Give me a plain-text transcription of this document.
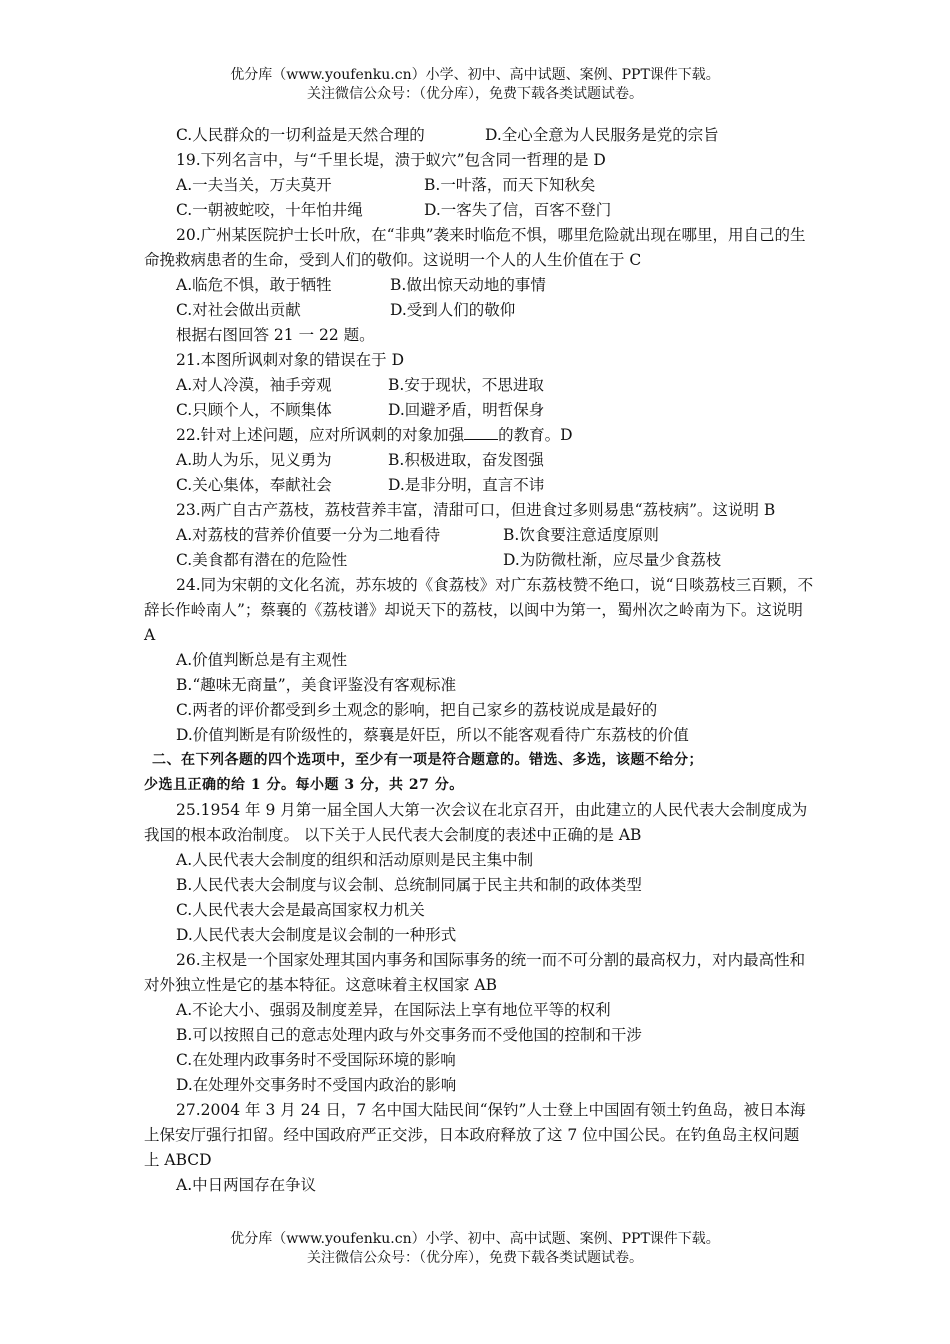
优分库（www.youfenku.cn）小学、初中、高中试题、案例、PPT课件下载。
关注微信公众号：（优分库），免费下载各类试题试卷。
C.人民群众的一切利益是天然合理的	D.全心全意为人民服务是党的宗旨

19.下列名言中，与“千里长堤，溃于蚁穴”包含同一哲理的是 D

A.一夫当关，万夫莫开	B.一叶落，而天下知秋矣
C.一朝被蛇咬，十年怕井绳	D.一客失了信，百客不登门

20.广州某医院护士长叶欣，在“非典”袭来时临危不惧，哪里危险就出现在哪里，用自己的生命挽救病患者的生命，受到人们的敬仰。这说明一个人的人生价值在于 C

A.临危不惧，敢于牺牲	B.做出惊天动地的事情
C.对社会做出贡献	D.受到人们的敬仰

根据右图回答 21 一 22 题。

21.本图所讽刺对象的错误在于 D

A.对人冷漠，袖手旁观	B.安于现状，不思进取
C.只顾个人，不顾集体	D.回避矛盾，明哲保身

22.针对上述问题，应对所讽刺的对象加强 的教育。D

A.助人为乐，见义勇为	B.积极进取，奋发图强
C.关心集体，奉献社会	D.是非分明，直言不讳

23.两广自古产荔枝，荔枝营养丰富，清甜可口，但进食过多则易患“荔枝病”。这说明 B

A.对荔枝的营养价值要一分为二地看待	B.饮食要注意适度原则
C.美食都有潜在的危险性	D.为防微杜渐，应尽量少食荔枝

24.同为宋朝的文化名流，苏东坡的《食荔枝》对广东荔枝赞不绝口，说“日啖荔枝三百颗，不辞长作岭南人”；蔡襄的《荔枝谱》却说天下的荔枝，以闽中为第一，蜀州次之岭南为下。这说明 A

A.价值判断总是有主观性
B.“趣味无商量”，美食评鉴没有客观标准
C.两者的评价都受到乡土观念的影响，把自己家乡的荔枝说成是最好的
D.价值判断是有阶级性的，蔡襄是奸臣，所以不能客观看待广东荔枝的价值
二、在下列各题的四个选项中，至少有一项是符合题意的。错选、多选，该题不给分；
少选且正确的给 1 分。每小题 3 分，共 27 分。

25.1954 年 9 月第一届全国人大第一次会议在北京召开，由此建立的人民代表大会制度成为我国的根本政治制度。 以下关于人民代表大会制度的表述中正确的是 AB

A.人民代表大会制度的组织和活动原则是民主集中制
B.人民代表大会制度与议会制、总统制同属于民主共和制的政体类型
C.人民代表大会是最高国家权力机关
D.人民代表大会制度是议会制的一种形式

26.主权是一个国家处理其国内事务和国际事务的统一而不可分割的最高权力，对内最高性和对外独立性是它的基本特征。这意味着主权国家 AB

A.不论大小、强弱及制度差异，在国际法上享有地位平等的权利
B.可以按照自己的意志处理内政与外交事务而不受他国的控制和干涉
C.在处理内政事务时不受国际环境的影响
D.在处理外交事务时不受国内政治的影响

27.2004 年 3 月 24 日，7 名中国大陆民间“保钓”人士登上中国固有领土钓鱼岛，被日本海上保安厅强行扣留。经中国政府严正交涉，日本政府释放了这 7 位中国公民。在钓鱼岛主权问题上 ABCD

A.中日两国存在争议
优分库（www.youfenku.cn）小学、初中、高中试题、案例、PPT课件下载。
关注微信公众号：（优分库），免费下载各类试题试卷。
